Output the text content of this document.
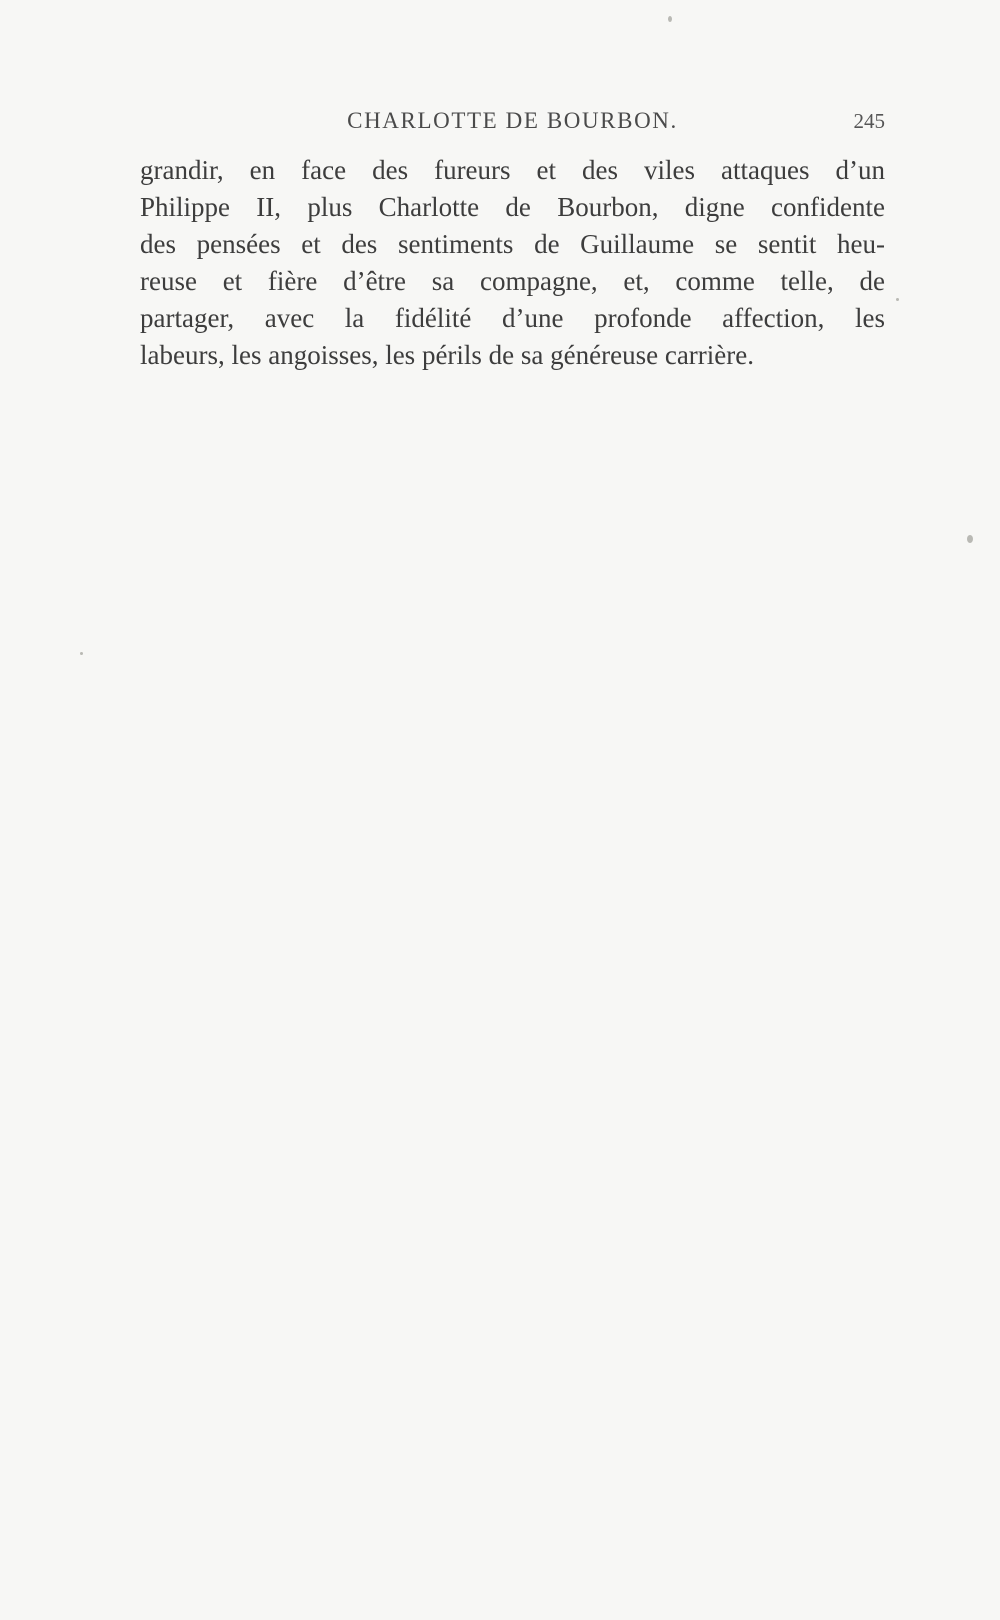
CHARLOTTE DE BOURBON.	245
grandir, en face des fureurs et des viles attaques d’un
Philippe II, plus Charlotte de Bourbon, digne confidente
des pensées et des sentiments de Guillaume se sentit heu-
reuse et fière d’être sa compagne, et, comme telle, de
partager, avec la fidélité d’une profonde affection, les
labeurs, les angoisses, les périls de sa généreuse carrière.
